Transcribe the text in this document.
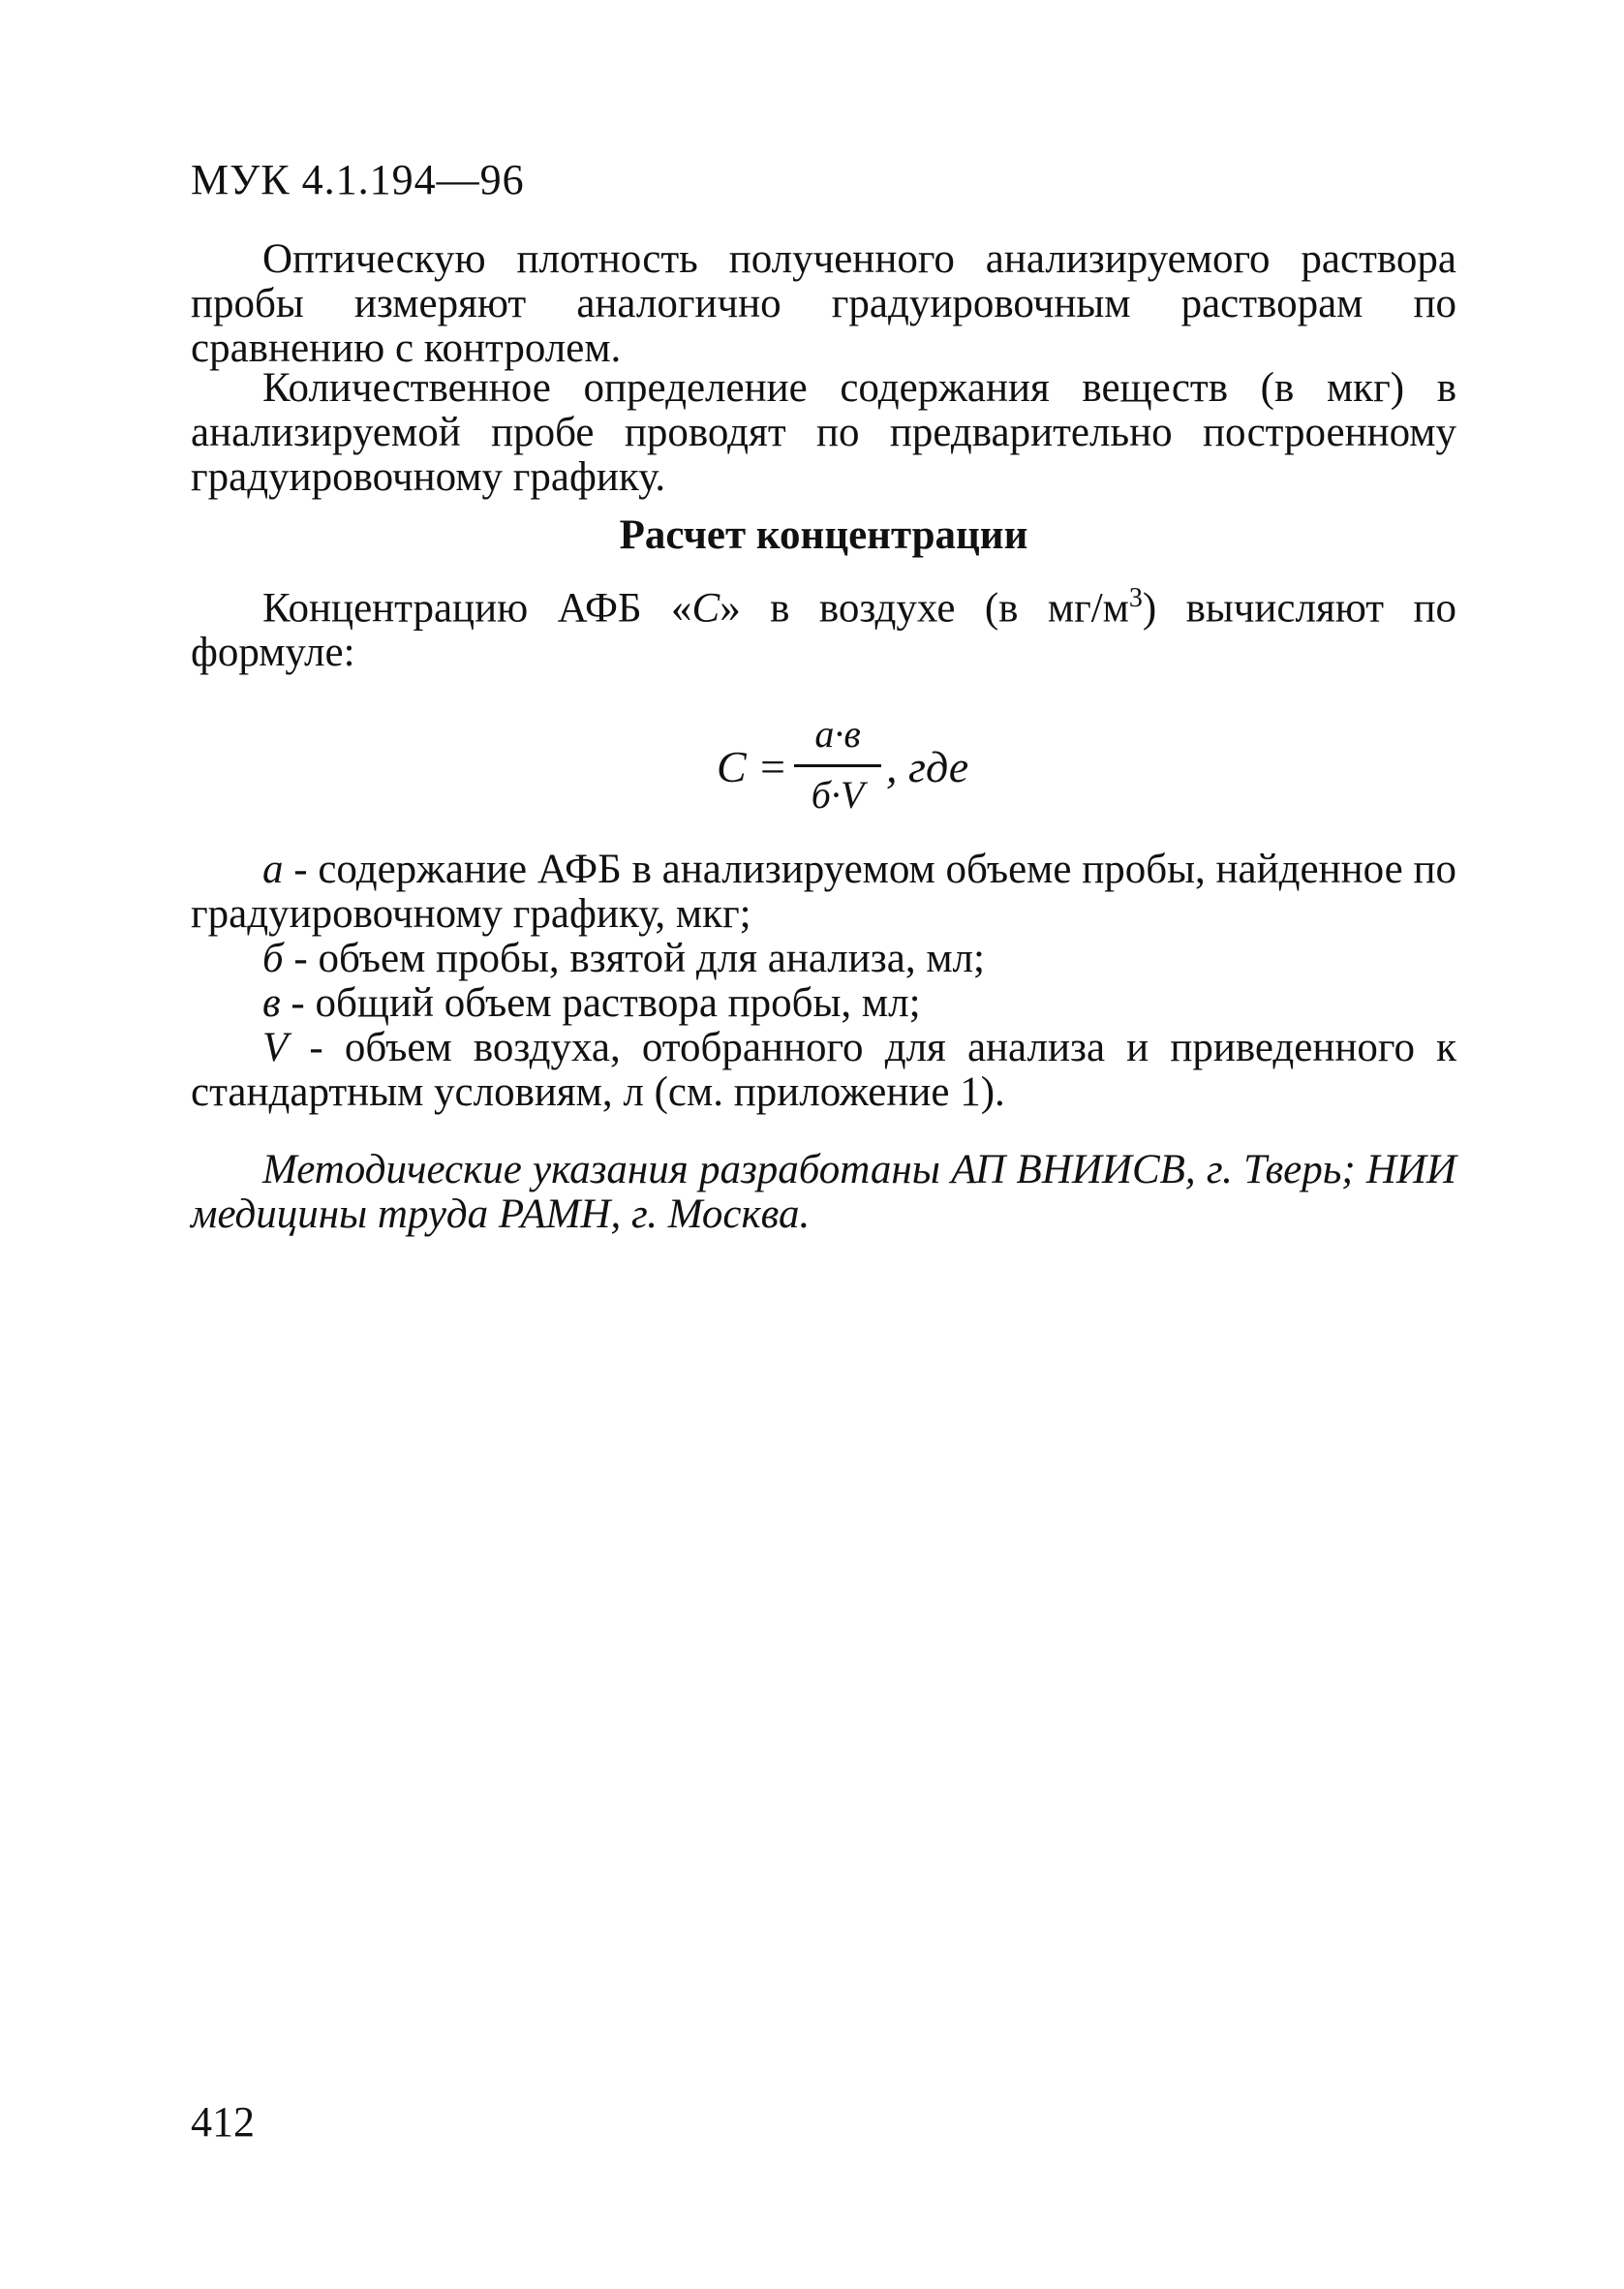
МУК 4.1.194—96

Оптическую плотность полученного анализируемого раствора пробы измеряют аналогично градуировочным растворам по сравнению с контролем.

Количественное определение содержания веществ (в мкг) в анализируемой пробе проводят по предварительно построенному градуировочному графику.

Расчет концентрации

Концентрацию АФБ «С» в воздухе (в $мг/м^3$) вычисляют по формуле:

С =
а·в
б·V
, где

а - содержание АФБ в анализируемом объеме пробы, найденное по градуировочному графику, мкг;

б - объем пробы, взятой для анализа, мл;

в - общий объем раствора пробы, мл;

V - объем воздуха, отобранного для анализа и приведенного к стандартным условиям, л (см. приложение 1).

Методические указания разработаны АП ВНИИСВ, г. Тверь; НИИ медицины труда РАМН, г. Москва.

412
